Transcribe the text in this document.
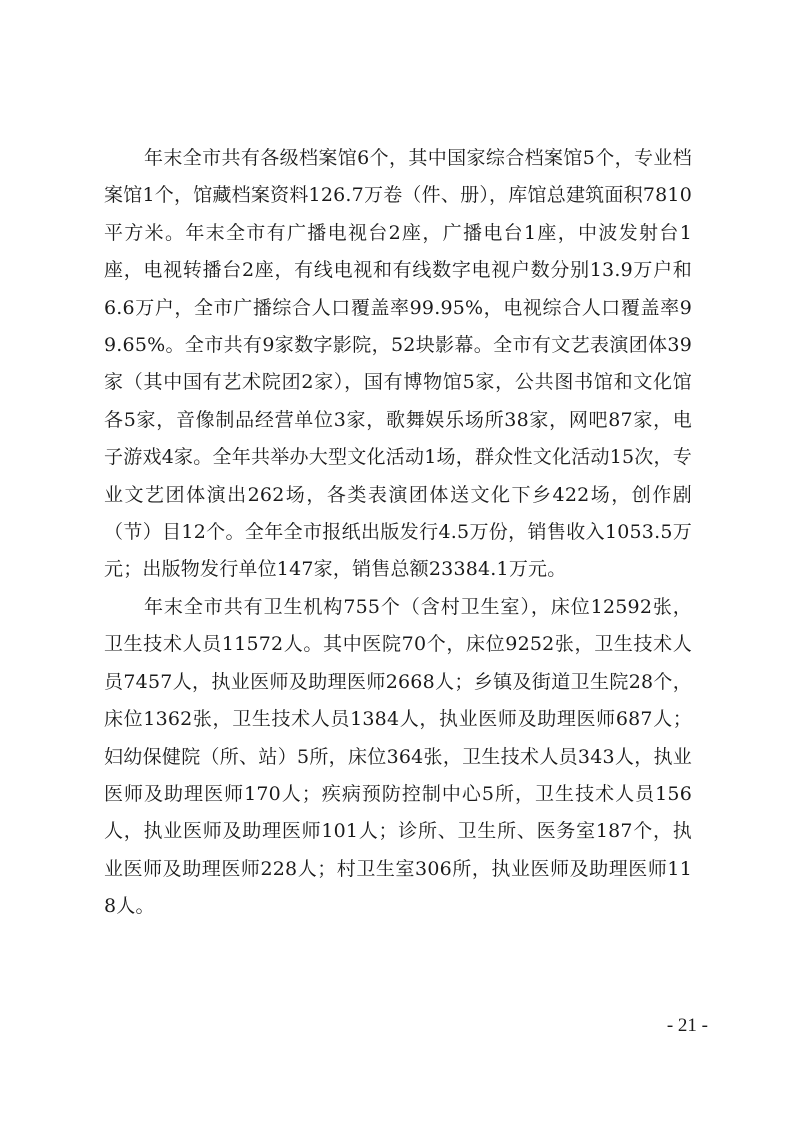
年末全市共有各级档案馆6个，其中国家综合档案馆5个，专业档案馆1个，馆藏档案资料126.7万卷（件、册），库馆总建筑面积7810平方米。年末全市有广播电视台2座，广播电台1座，中波发射台1座，电视转播台2座，有线电视和有线数字电视户数分别13.9万户和6.6万户，全市广播综合人口覆盖率99.95%，电视综合人口覆盖率99.65%。全市共有9家数字影院，52块影幕。全市有文艺表演团体39家（其中国有艺术院团2家），国有博物馆5家，公共图书馆和文化馆各5家，音像制品经营单位3家，歌舞娱乐场所38家，网吧87家，电子游戏4家。全年共举办大型文化活动1场，群众性文化活动15次，专业文艺团体演出262场，各类表演团体送文化下乡422场，创作剧（节）目12个。全年全市报纸出版发行4.5万份，销售收入1053.5万元；出版物发行单位147家，销售总额23384.1万元。

年末全市共有卫生机构755个（含村卫生室），床位12592张，卫生技术人员11572人。其中医院70个，床位9252张，卫生技术人员7457人，执业医师及助理医师2668人；乡镇及街道卫生院28个，床位1362张，卫生技术人员1384人，执业医师及助理医师687人；妇幼保健院（所、站）5所，床位364张，卫生技术人员343人，执业医师及助理医师170人；疾病预防控制中心5所，卫生技术人员156人，执业医师及助理医师101人；诊所、卫生所、医务室187个，执业医师及助理医师228人；村卫生室306所，执业医师及助理医师118人。

- 21 -
